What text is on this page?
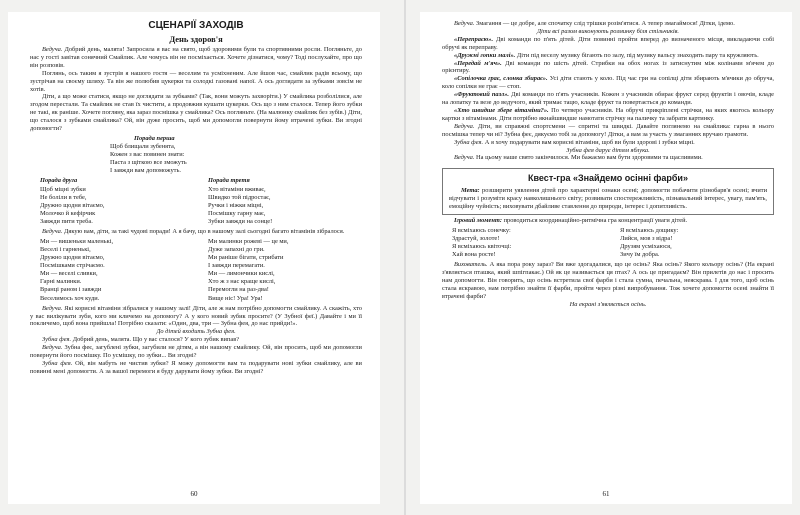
СЦЕНАРІЇ ЗАХОДІВ
День здоров'я

Ведуча. Добрий день, малята! Запросила я вас на свято, щоб здоровими були та спортивними росли. Погляньте, до нас у гості завітав сонячний Смайлик. Але чомусь він не посміхається. Хочете дізнатися, чому? Тоді послухайте, про що він розповів.

Поглянь, ось таким я зустрів я нашого гостя — веселим та усміхненим. Але йшов час, смайлик радів всьому, що зустрічав на своєму шляху. Та він же полюбив цукерки та солодкі газовані напої. А ось доглядати за зубками зовсім не хотів.

Діти, а що може статися, якщо не доглядати за зубками? (Так, вони можуть захворіти.) У смайлика розболілися, але згодом перестали. Та смайлик не став їх чистити, а продовжив кушати цукерки. Ось що з ним сталося. Тепер його зубки не такі, як раніше. Хочете погляну, яка зараз посмішка у смайлика? Ось погляньте. (На малюнку смайлик без зубів.) Діти, що сталося з зубками смайлика? Ой, він дуже просить, щоб ми допомогли повернути йому втрачені зубки. Ви згодні допомогти?

Порада перша
Щоб блищали зубенята,
Кожен з вас повинен знати:
Паста з щіткою все зможуть
І завжди вам допоможуть.
Порада друга
Щоб міцні зубки
Не боліли в тебе,
Дружно щодня вітаємо,
Молочко й кефірчик
Завжди пити треба.
Порада третя
Хто вітаміни вживає,
Швидко той підростає,
Ручки і ніжки міцні,
Посмішку гарну має,
Зубки завжди на сонце!

Ведуча. Дякую вам, діти, за такі чудові поради! А я бачу, що в нашому залі сьогодні багато вітамінів зібралося.

Ми — вишеньки маленькі,
Веселі і гарненькі,
Дружно щодня вітаємо,
Посмішками стрічаємо.
Ми — веселі сливки,
Гарні малинки.
Вранці раном і завжди
Веселимось хоч куди.
Ми малинки рожеві — це ми,
Дуже запахні до гри.
Ми раніше бігати, стрибати
І завжди перемагати.
Ми — лимончики кислі,
Хто ж з нас краще кислі,
Перемогли на раз-два!
Вище ніс! Ура! Ура!

Ведуча. Які корисні вітаміни зібралися у нашому залі! Діти, але ж нам потрібно допомогти смайлику. А скажіть, хто у вас вилікувати зуби, кого ми кличемо на допомогу? А у кого новий зубик просите? (У Зубної феї.) Давайте і ми її покличемо, щоб вона прийшла! Потрібно сказати: «Один, два, три — Зубна фея, до нас прийди!».

До дітей входить Зубна фея.

Зубна фея. Добрий день, малята. Що у вас сталося? У кого зубик випав?

Ведуча. Зубна феє, загублені зубки, загубили не дітям, а він нашому смайлику. Ой, він просить, щоб ми допомогли повернути його посмішку. По усмішку, по зубки... Ви згодні?

Зубна фея. Ой, він мабуть не чистив зубки? Я можу допомогти вам та подарувати нові зубки смайлику, але ви повинні мені допомогти. А за вашої перемоги я буду дарувати йому зубки. Ви згодні?

60

Ведуча. Змагання — це добре, але спочатку слід трішки розім'ятися. А тепер змагаймося! Дітки, ідемо.

Діти всі разом виконують розминку біля стільчиків.

«Перепраєю». Дві команди по п'ять дітей. Діти повинні пройти вперед до визначеного місця, викладаючи собі обручі як переправу.

«Дружні гопки малі». Діти під веселу музику бігають по залу, під музику вальсу знаходять пару та кружляють.

«Передай м'яч». Дві команди по шість дітей. Стрибки на обох ногах із затиснутим між колінами м'ячем до орієнтиру.

«Сопілочка грає, слонка збирає». Усі діти стають у коло. Під час гри на сопілці діти збирають м'ячики до обруча, коло сопілки не грає — стоп.

«Фруктовий пазл». Дві команди по п'ять учасників. Кожен з учасників обирає фрукт серед фруктів і овочів, кладе на лопатку та везе до ведучого, який тримає тацю, кладе фрукт та повертається до команди.

«Хто швидше збере вітаміни?». По четверо учасників. На обручі прикріплені стрічки, на яких якогось кольору картки з вітамінами. Діти потрібно якнайшвидше намотати стрічку на паличку та забрати картинку.

Ведуча. Діти, ви справжні спортсмени — спритні та швидкі. Давайте поглянемо на смайлика: гарна в нього посмішка тепер чи ні? Зубна феє, дякуємо тобі за допомогу! Дітки, а вам за участь у змаганнях вручаю грамоти.

Зубна фея. А я хочу подарувати вам корисні вітаміни, щоб ви були здорові і зубки міцні.

Зубна фея дарує дітям яблука.

Ведуча. На цьому наше свято закінчилося. Ми бажаємо вам бути здоровими та щасливими.

Квест-гра «Знайдемо осінні фарби»

Мета: розширити уявлення дітей про характерні ознаки осені; допомогти побачити різнобарв'я осені; вчити відчувати і розуміти красу навколишнього світу; розвивати спостережливість, пізнавальний інтерес, увагу, пам'ять, емоційну чуйність; виховувати дбайливе ставлення до природи, інтерес і допитливість.

Ігровий момент: проводиться координаційно-ритмічна гра концентрації уваги дітей.

Я всміхаюсь сонечку:
Здрастуй, золоте!
Я всміхаюсь квіточці:
Хай вона росте!
Я всміхаюсь дощику:
Лийся, мов з відра!
Друзям усміхаюся,
Зичу їм добра.

Вихователь. А яка пора року зараз? Ви вже здогадалися, що це осінь? Яка осінь? Якого кольору осінь? (На екрані з'являється пташка, який шпігпакає.) Ой як це називається ця птах? А ось це пригадаєм? Він прилетів до нас і просить нам допомогти. Він говорить, що осінь встретила свої фарби і стала сумна, печальна, неяскрава. І для того, щоб осінь стала яскравою, нам потрібно знайти її фарби, пройти через різні випробування. Тож хочете допомогти осені знайти її втрачені фарби?

На екрані з'являється осінь.

61
